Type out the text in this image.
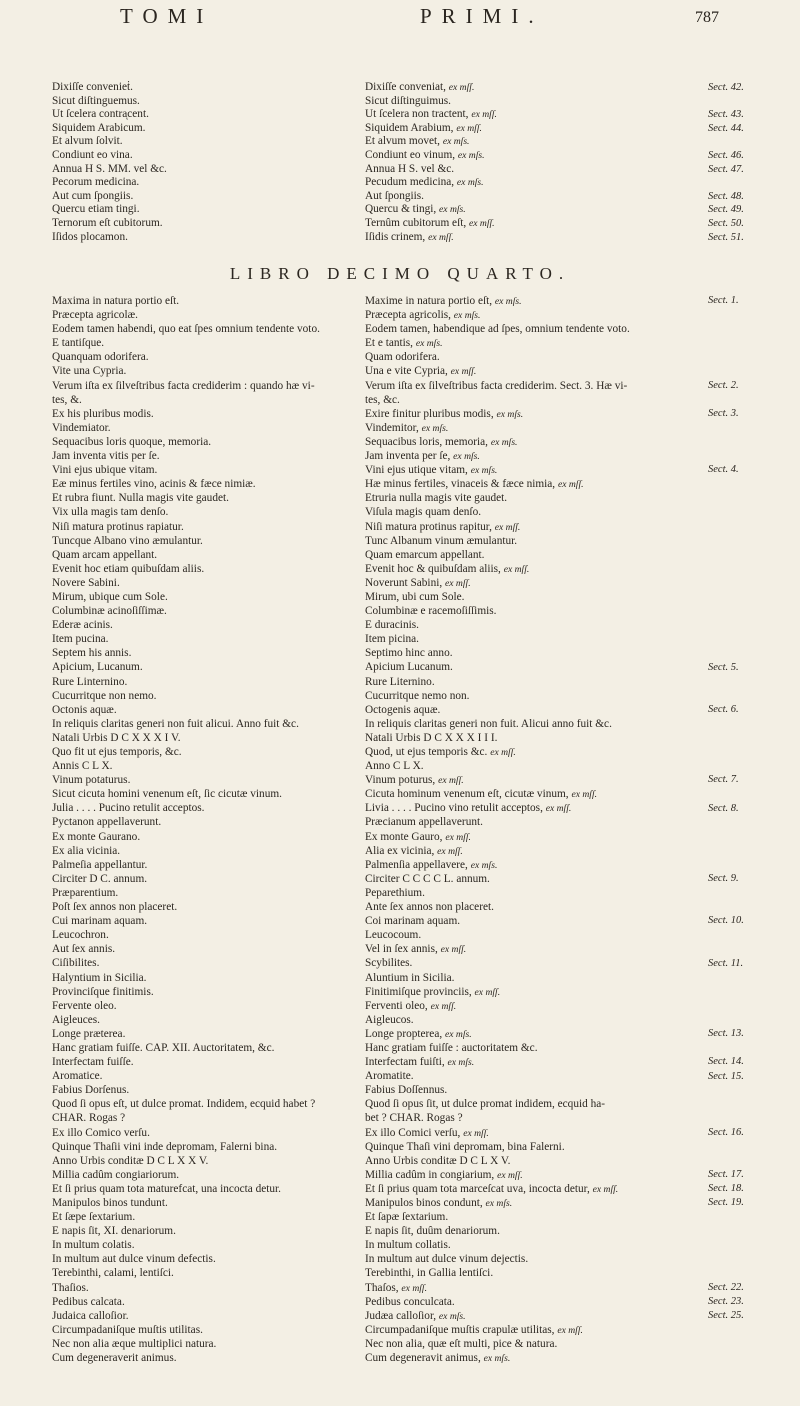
TOMI	PRIMI.	787
Dixiſſe convenieṫ.
Sicut diſtinguemus.
Ut ſcelera contraͅcent.
Siquidem Arabicum.
Et alvum ſolvit.
Condiunt eo vina.
Annua H S. MM. vel &c.
Pecorum medicina.
Aut cum ſpongiis.
Quercu etiam tingi.
Ternorum eſt cubitorum.
Iſidos plocamon.
Dixiſſe conveniat, ex mſſ.
Sicut diſtinguimus.
Ut ſcelera non tractent, ex mſſ.
Siquidem Arabium, ex mſſ.
Et alvum movet, ex mſs.
Condiunt eo vinum, ex mſs.
Annua H S. vel &c.
Pecudum medicina, ex mſs.
Aut ſpongiis.
Quercu & tingi, ex mſs.
Ternûm cubitorum eſt, ex mſſ.
Iſidis crinem, ex mſſ.
Sect. 42.
Sect. 43.
Sect. 44.
Sect. 46.
Sect. 47.
Sect. 48.
Sect. 49.
Sect. 50.
Sect. 51.
LIBRO DECIMO QUARTO.
Maxima in natura portio eſt.
Præcepta agricolæ.
Eodem tamen habendi, quo eat ſpes omnium tendente voto.
E tantiſque.
Quanquam odorifera.
Vite una Cypria.
Verum iſta ex ſilveſtribus facta crediderim : quando hæ vi-
tes, &.
Ex his pluribus modis.
Vindemiator.
Sequacibus loris quoque, memoria.
Jam inventa vitis per ſe.
Vini ejus ubique vitam.
Eæ minus fertiles vino, acinis & fæce nimiæ.
Et rubra fiunt. Nulla magis vite gaudet.
Vix ulla magis tam denſo.
Niſi matura protinus rapiatur.
Tuncque Albano vino æmulantur.
Quam arcam appellant.
Evenit hoc etiam quibuſdam aliis.
Novere Sabini.
Mirum, ubique cum Sole.
Columbinæ acinoſiſſimæ.
Ederæ acinis.
Item pucina.
Septem his annis.
Apicium, Lucanum.
Rure Linternino.
Cucurritque non nemo.
Octonis aquæ.
In reliquis claritas generi non fuit alicui. Anno fuit &c.
Natali Urbis D C X X X I V.
Quo fit ut ejus temporis, &c.
Annis C L X.
Vinum potaturus.
Sicut cicuta homini venenum eſt, ſic cicutæ vinum.
Julia . . . . Pucino retulit acceptos.
Pyctanon appellaverunt.
Ex monte Gaurano.
Ex alia vicinia.
Palmeſia appellantur.
Circiter D C. annum.
Præparentium.
Poſt ſex annos non placeret.
Cui marinam aquam.
Leucochron.
Aut ſex annis.
Ciſibilites.
Halyntium in Sicilia.
Provinciſque finitimis.
Fervente oleo.
Aigleuces.
Longe præterea.
Hanc gratiam fuiſſe. CAP. XII. Auctoritatem, &c.
Interfectam fuiſſe.
Aromatice.
Fabius Dorſenus.
Quod ſi opus eſt, ut dulce promat. Indidem, ecquid habet ?
CHAR. Rogas ?
Ex illo Comico verſu.
Quinque Thaſii vini inde depromam, Falerni bina.
Anno Urbis conditæ D C L X X V.
Millia cadûm congiariorum.
Et ſi prius quam tota maturefcat, una incocta detur.
Manipulos binos tundunt.
Et ſæpe ſextarium.
E napis ſit, XI. denariorum.
In multum colatis.
In multum aut dulce vinum defectis.
Terebinthi, calami, lentiſci.
Thaſios.
Pedibus calcata.
Judaica calloſior.
Circumpadaniſque muſtis utilitas.
Nec non alia æque multiplici natura.
Cum degeneraverit animus.
Maxime in natura portio eſt, ex mſs.
Præcepta agricolis, ex mſs.
Eodem tamen, habendique ad ſpes, omnium tendente voto.
Et e tantis, ex mſs.
Quam odorifera.
Una e vite Cypria, ex mſſ.
Verum iſta ex ſilveſtribus facta crediderim. Sect. 3. Hæ vi-
tes, &c.
Exire finitur pluribus modis, ex mſs.
Vindemitor, ex mſs.
Sequacibus loris, memoria, ex mſs.
Jam inventa per ſe, ex mſs.
Vini ejus utique vitam, ex mſs.
Hæ minus fertiles, vinaceis & fæce nimia, ex mſſ.
Etruria nulla magis vite gaudet.
Viſula magis quam denſo.
Niſi matura protinus rapitur, ex mſſ.
Tunc Albanum vinum æmulantur.
Quam emarcum appellant.
Evenit hoc & quibuſdam aliis, ex mſſ.
Noverunt Sabini, ex mſſ.
Mirum, ubi cum Sole.
Columbinæ e racemoſiſſimis.
E duracinis.
Item picina.
Septimo hinc anno.
Apicium Lucanum.
Rure Liternino.
Cucurritque nemo non.
Octogenis aquæ.
In reliquis claritas generi non fuit. Alicui anno fuit &c.
Natali Urbis D C X X X I I I.
Quod, ut ejus temporis &c. ex mſſ.
Anno C L X.
Vinum poturus, ex mſſ.
Cicuta hominum venenum eſt, cicutæ vinum, ex mſſ.
Livia . . . . Pucino vino retulit acceptos, ex mſſ.
Præcianum appellaverunt.
Ex monte Gauro, ex mſſ.
Alia ex vicinia, ex mſſ.
Palmenſia appellavere, ex mſs.
Circiter C C C C L. annum.
Peparethium.
Ante ſex annos non placeret.
Coi marinam aquam.
Leucocoum.
Vel in ſex annis, ex mſſ.
Scybilites.
Aluntium in Sicilia.
Finitimiſque provinciis, ex mſſ.
Ferventi oleo, ex mſſ.
Aigleucos.
Longe propterea, ex mſs.
Hanc gratiam fuiſſe : auctoritatem &c.
Interfectam fuiſti, ex mſs.
Aromatite.
Fabius Doſſennus.
Quod ſi opus ſit, ut dulce promat indidem, ecquid ha-
bet ? CHAR. Rogas ?
Ex illo Comici verſu, ex mſſ.
Quinque Thaſi vini depromam, bina Falerni.
Anno Urbis conditæ D C L X V.
Millia cadûm in congiarium, ex mſſ.
Et ſi prius quam tota marceſcat uva, incocta detur, ex mſſ.
Manipulos binos condunt, ex mſs.
Et ſapæ ſextarium.
E napis ſit, duûm denariorum.
In multum collatis.
In multum aut dulce vinum dejectis.
Terebinthi, in Gallia lentiſci.
Thaſos, ex mſſ.
Pedibus conculcata.
Judæa calloſior, ex mſs.
Circumpadaniſque muſtis crapulæ utilitas, ex mſſ.
Nec non alia, quæ eſt multi, pice & natura.
Cum degeneravit animus, ex mſs.
Sect. 1.
Sect. 2.
Sect. 3.
Sect. 4.
Sect. 5.
Sect. 6.
Sect. 7.
Sect. 8.
Sect. 9.
Sect. 10.
Sect. 11.
Sect. 13.
Sect. 14.
Sect. 15.
Sect. 16.
Sect. 17.
Sect. 18.
Sect. 19.
Sect. 22.
Sect. 23.
Sect. 25.
